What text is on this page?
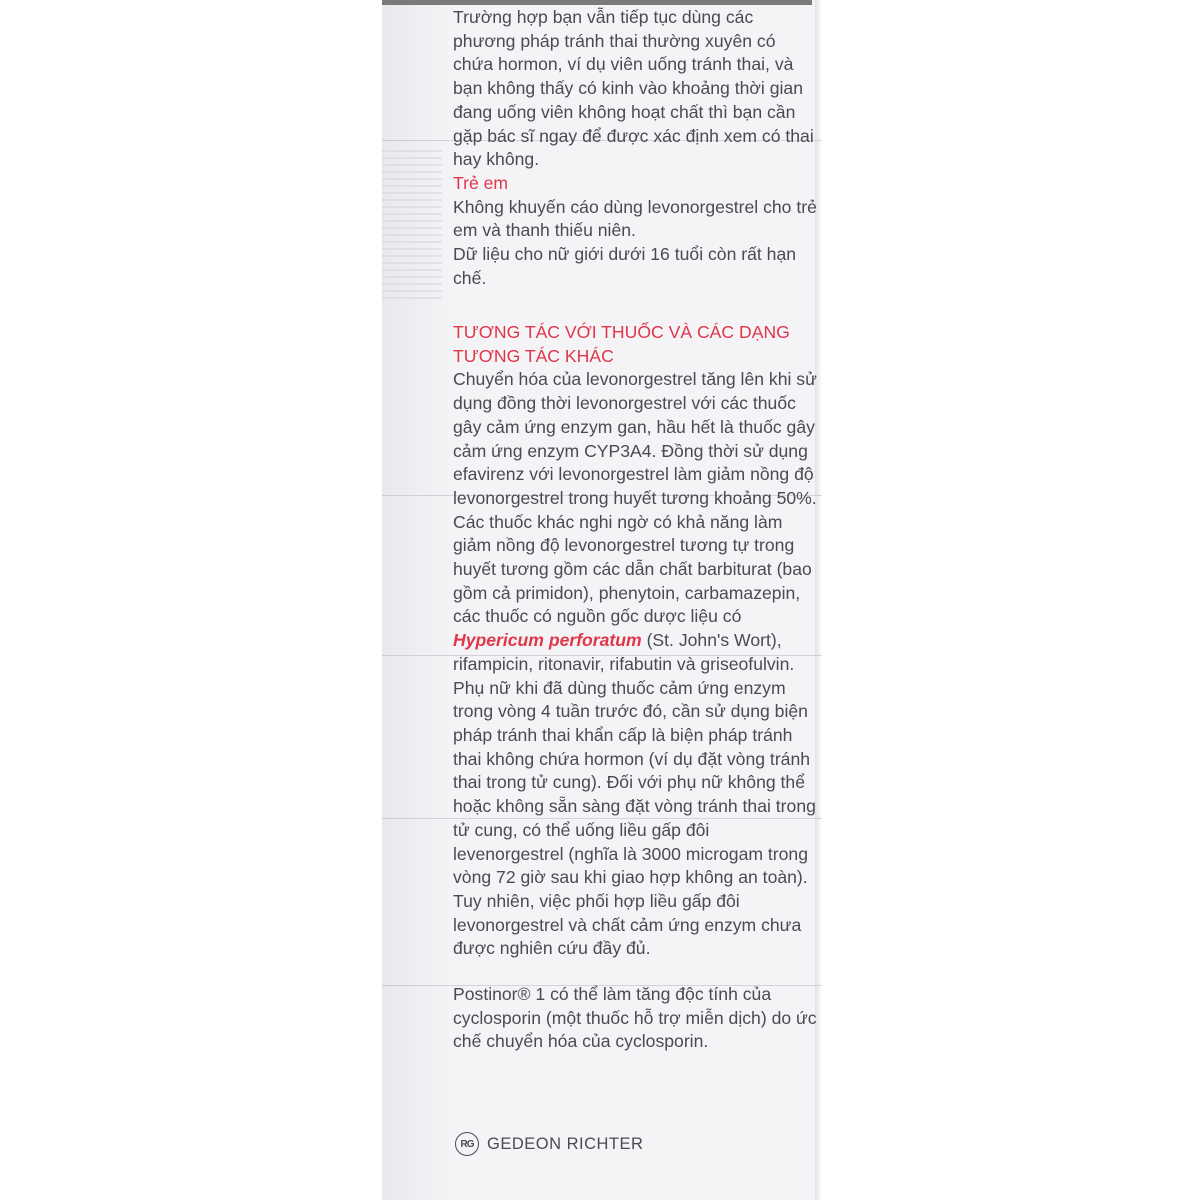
Trường hợp bạn vẫn tiếp tục dùng các phương pháp tránh thai thường xuyên có chứa hormon, ví dụ viên uống tránh thai, và bạn không thấy có kinh vào khoảng thời gian đang uống viên không hoạt chất thì bạn cần gặp bác sĩ ngay để được xác định xem có thai hay không.

Trẻ em

Không khuyến cáo dùng levonorgestrel cho trẻ em và thanh thiếu niên.

Dữ liệu cho nữ giới dưới 16 tuổi còn rất hạn chế.

TƯƠNG TÁC VỚI THUỐC VÀ CÁC DẠNG

TƯƠNG TÁC KHÁC

Chuyển hóa của levonorgestrel tăng lên khi sử dụng đồng thời levonorgestrel với các thuốc gây cảm ứng enzym gan, hầu hết là thuốc gây cảm ứng enzym CYP3A4. Đồng thời sử dụng efavirenz với levonorgestrel làm giảm nồng độ levonorgestrel trong huyết tương khoảng 50%. Các thuốc khác nghi ngờ có khả năng làm giảm nồng độ levonorgestrel tương tự trong huyết tương gồm các dẫn chất barbiturat (bao gồm cả primidon), phenytoin, carbamazepin, các thuốc có nguồn gốc dược liệu có Hypericum perforatum (St. John's Wort), rifampicin, ritonavir, rifabutin và griseofulvin.

Phụ nữ khi đã dùng thuốc cảm ứng enzym trong vòng 4 tuần trước đó, cần sử dụng biện pháp tránh thai khẩn cấp là biện pháp tránh thai không chứa hormon (ví dụ đặt vòng tránh thai trong tử cung). Đối với phụ nữ không thể hoặc không sẵn sàng đặt vòng tránh thai trong tử cung, có thể uống liều gấp đôi levenorgestrel (nghĩa là 3000 microgam trong vòng 72 giờ sau khi giao hợp không an toàn). Tuy nhiên, việc phối hợp liều gấp đôi levonorgestrel và chất cảm ứng enzym chưa được nghiên cứu đầy đủ.

Postinor® 1 có thể làm tăng độc tính của cyclosporin (một thuốc hỗ trợ miễn dịch) do ức chế chuyển hóa của cyclosporin.

RG GEDEON RICHTER
